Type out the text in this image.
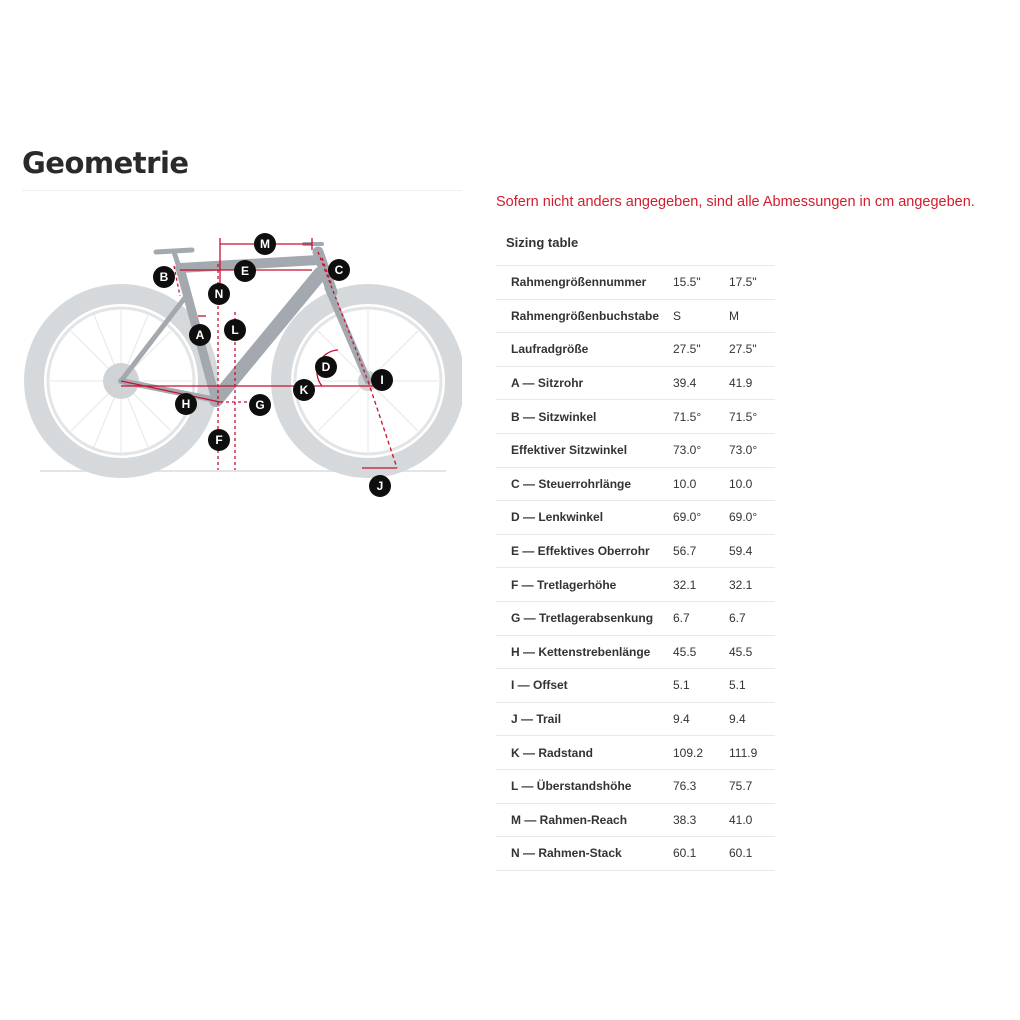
Geometrie
M
E	C
B
N
A L
D
I
K
H	G
F
J
Sofern nicht anders angegeben, sind alle Abmessungen in cm angegeben.
Sizing table
Rahmengrößennummer	15.5"	17.5"
Rahmengrößenbuchstabe	S	M
Laufradgröße	27.5"	27.5"
A — Sitzrohr	39.4	41.9
B — Sitzwinkel	71.5°	71.5°
Effektiver Sitzwinkel	73.0°	73.0°
C — Steuerrohrlänge	10.0	10.0
D — Lenkwinkel	69.0°	69.0°
E — Effektives Oberrohr	56.7	59.4
F — Tretlagerhöhe	32.1	32.1
G — Tretlagerabsenkung	6.7	6.7
H — Kettenstrebenlänge	45.5	45.5
I — Offset	5.1	5.1
J — Trail	9.4	9.4
K — Radstand	109.2	111.9
L — Überstandshöhe	76.3	75.7
M — Rahmen-Reach	38.3	41.0
N — Rahmen-Stack	60.1	60.1
